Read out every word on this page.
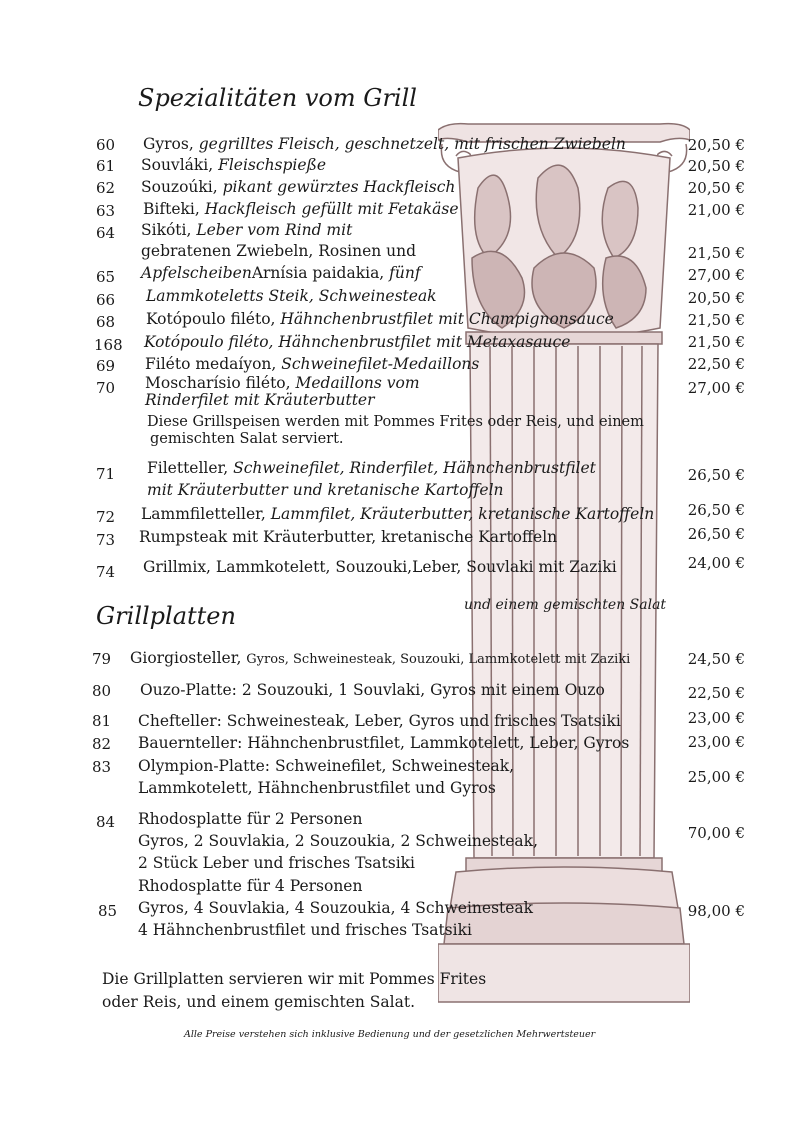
Spezialitäten vom Grill
60 Gyros, gegrilltes Fleisch, geschnetzelt, mit frischen Zwiebeln	20,50 €
61 Souvláki, Fleischspieße	20,50 €
62 Souzoúki, pikant gewürztes Hackfleisch	20,50 €
63 Bifteki, Hackfleisch gefüllt mit Fetakäse	21,00 €
64 Sikóti, Leber vom Rind mit
gebratenen Zwiebeln, Rosinen und	21,50 €
65 ApfelscheibenArnísia paidakia, fünf	27,00 €
66 Lammkoteletts Steik, Schweinesteak	20,50 €
68 Kotópoulo filéto, Hähnchenbrustfilet mit Champignonsauce	21,50 €
168 Kotópoulo filéto, Hähnchenbrustfilet mit Metaxasauce	21,50 €
69 Filéto medaíyon, Schweinefilet-Medaillons	22,50 €
70 Moscharísio filéto, Medaillons vom
Rinderfilet mit Kräuterbutter
27,00 €
Diese Grillspeisen werden mit Pommes Frites oder Reis, und einem
gemischten Salat serviert.
71 Filetteller, Schweinefilet, Rinderfilet, Hähnchenbrustfilet
mit Kräuterbutter und kretanische Kartoffeln
26,50 €
72 Lammfiletteller, Lammfilet, Kräuterbutter, kretanische Kartoffeln 26,50 €
73 Rumpsteak mit Kräuterbutter, kretanische Kartoffeln	26,50 €
74 Grillmix, Lammkotelett, Souzouki,Leber, Souvlaki mit Zaziki	24,00 €
und einem gemischten Salat
Grillplatten
79 Giorgiosteller, Gyros, Schweinesteak, Souzouki, Lammkotelett mit Zaziki	24,50 €
80 Ouzo-Platte: 2 Souzouki, 1 Souvlaki, Gyros mit einem Ouzo	22,50 €
81 Chefteller: Schweinesteak, Leber, Gyros und frisches Tsatsiki	23,00 €
82 Bauernteller: Hähnchenbrustfilet, Lammkotelett, Leber, Gyros	23,00 €
83 Olympion-Platte: Schweinefilet, Schweinesteak,
Lammkotelett, Hähnchenbrustfilet und Gyros
25,00 €
84 Rhodosplatte für 2 Personen
Gyros, 2 Souvlakia, 2 Souzoukia, 2 Schweinesteak,
2 Stück Leber und frisches Tsatsiki
70,00 €
Rhodosplatte für 4 Personen
85 Gyros, 4 Souvlakia, 4 Souzoukia, 4 Schweinesteak
4 Hähnchenbrustfilet und frisches Tsatsiki
98,00 €
Die Grillplatten servieren wir mit Pommes Frites
oder Reis, und einem gemischten Salat.
Alle Preise verstehen sich inklusive Bedienung und der gesetzlichen Mehrwertsteuer
